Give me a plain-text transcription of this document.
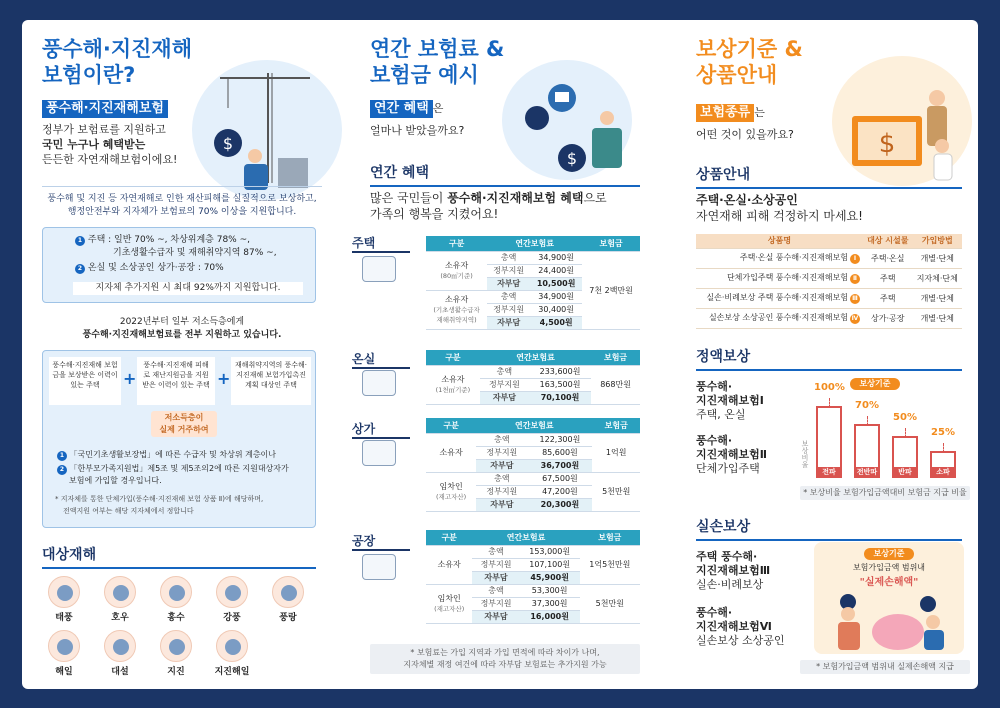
$
풍수해·지진재해
보험이란?
풍수해·지진재해보험
정부가 보험료를 지원하고
국민 누구나 혜택받는
든든한 자연재해보험이에요!
풍수해 및 지진 등 자연재해로 인한 재산피해를 실질적으로 보상하고,
행정안전부와 지자체가 보험료의 70% 이상을 지원합니다.
1 주택 : 일반 70% ~, 차상위계층 78% ~,
기초생활수급자 및 재해취약지역 87% ~,
2 온실 및 소상공인 상가·공장 : 70%
지자체 추가지원 시 최대 92%까지 지원합니다.
2022년부터 일부 저소득층에게
풍수해·지진재해보험료를 전부 지원하고 있습니다.
풍수해·지진재해 보험금을 보상받은 이력이 있는 주택	+
풍수해·지진재해 피해로 재난지원금을 지원받은 이력이 있는 주택 +
재해취약지역의 풍수해· 지진재해 보험가입촉진 계획 대상인 주택
저소득층이
실제 거주하여
1 「국민기초생활보장법」에 따른 수급자 및 차상위 계층이나
2 「한부모가족지원법」제5조 및 제5조의2에 따른 지원대상자가
보험에 가입할 경우입니다.
* 지자체를 통한 단체가입(풍수해·지진재해 보험 상품 Ⅱ)에 해당하며,
전액지원 여부는 해당 지자체에서 정합니다
대상재해
태풍	호우	홍수	강풍	풍랑
해일	대설	지진	지진해일
$
연간 보험료 &
보험금 예시
연간 혜택 은
얼마나 받았을까요?
연간 혜택
많은 국민들이 풍수해·지진재해보험 혜택으로
가족의 행복을 지켰어요!
주택	구분	연간보험료		보험금

소유자
(80㎡기준)	총액	34,900원	7천 2백만원
	정부지원	24,400원	
	자부담	10,500원	

소유자
(기초생활수급자
재해취약지역)	총액	34,900원	
	정부지원	30,400원	
	자부담	4,500원	
온실	구분	연간보험료		보험금

소유자
(1천㎡기준)	총액	233,600원	868만원
	정부지원	163,500원	
	자부담	70,100원	
상가	구분	연간보험료		보험금

소유자	총액	122,300원	1억원
	정부지원	85,600원	
	자부담	36,700원	

임차인
(재고자산)	총액	67,500원	5천만원
	정부지원	47,200원	
	자부담	20,300원	
공장	구분	연간보험료		보험금

소유자	총액	153,000원	1억5천만원
	정부지원	107,100원	
	자부담	45,900원	

임차인
(재고자산)	총액	53,300원	5천만원
	정부지원	37,300원	
	자부담	16,000원	
* 보험료는 가입 지역과 가입 면적에 따라 차이가 나며,
지자체별 재정 여건에 따라 자부담 보험료는 추가지원 가능
$
보상기준 &
상품안내
보험종류 는
어떤 것이 있을까요?
상품안내
주택·온실·소상공인
자연재해 피해 걱정하지 마세요!
상품명	대상 시설물	가입방법
주택·온실 풍수해·지진재해보험 Ⅰ	주택·온실	개별·단체
단체가입주택 풍수해·지진재해보험 Ⅱ	주택	지자체·단체
실손·비례보상 주택 풍수해·지진재해보험 Ⅲ	주택	개별·단체
실손보상 소상공인 풍수해·지진재해보험 Ⅳ	상가·공장	개별·단체
정액보상
풍수해·
지진재해보험Ⅰ
주택, 온실
풍수해·
지진재해보험Ⅱ
단체가입주택
보상기준
보상비율
전파
100%
전반파
70%
반파
50%
소파
25%
* 보상비율 보험가입금액대비 보험금 지급 비율
실손보상
주택 풍수해·
지진재해보험Ⅲ
실손·비례보상
풍수해·
지진재해보험Ⅵ
실손보상 소상공인
보상기준
보험가입금액 범위내
"실제손해액"
* 보험가입금액 범위내 실제손해액 지급
